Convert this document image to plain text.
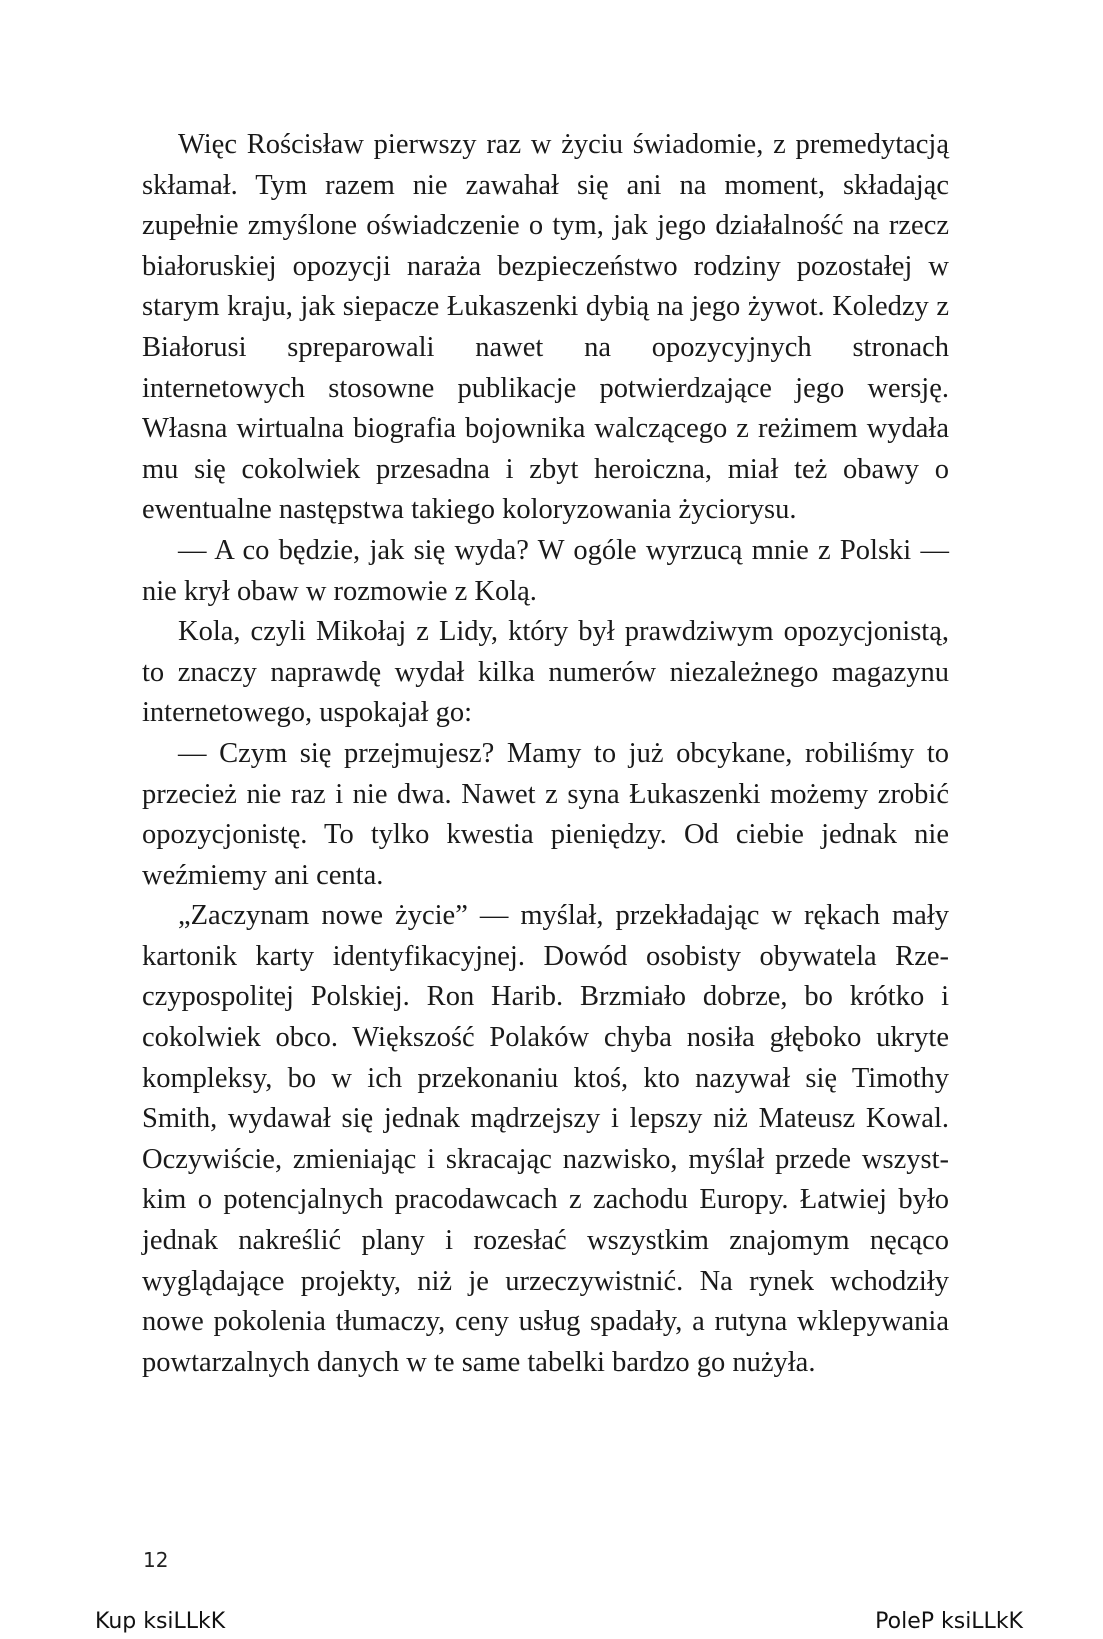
Więc Rościsław pierwszy raz w życiu świadomie, z premedytacją skłamał. Tym razem nie zawahał się ani na moment, składając zupełnie zmyślone oświadczenie o tym, jak jego działalność na rzecz białoruskiej opozycji naraża bezpieczeństwo rodziny pozostałej w starym kraju, jak siepacze Łukaszenki dybią na jego żywot. Koledzy z Białorusi spreparowali nawet na opozycyjnych stronach internetowych stosowne publikacje potwierdzające jego wersję. Własna wirtualna biografia bojownika walczącego z reżimem wydała mu się cokolwiek przesadna i zbyt heroiczna, miał też obawy o ewentualne następstwa takiego koloryzowania życiorysu.

— A co będzie, jak się wyda? W ogóle wyrzucą mnie z Polski — nie krył obaw w rozmowie z Kolą.

Kola, czyli Mikołaj z Lidy, który był prawdziwym opozycjonistą, to znaczy naprawdę wydał kilka numerów niezależnego magazynu internetowego, uspokajał go:

— Czym się przejmujesz? Mamy to już obcykane, robiliśmy to przecież nie raz i nie dwa. Nawet z syna Łukaszenki możemy zrobić opozycjonistę. To tylko kwestia pieniędzy. Od ciebie jednak nie weźmiemy ani centa.

„Zaczynam nowe życie” — myślał, przekładając w rękach mały kartonik karty identyfikacyjnej. Dowód osobisty obywatela Rzeczypospolitej Polskiej. Ron Harib. Brzmiało dobrze, bo krótko i cokolwiek obco. Większość Polaków chyba nosiła głęboko ukryte kompleksy, bo w ich przekonaniu ktoś, kto nazywał się Timothy Smith, wydawał się jednak mądrzejszy i lepszy niż Mateusz Kowal. Oczywiście, zmieniając i skracając nazwisko, myślał przede wszystkim o potencjalnych pracodawcach z zachodu Europy. Łatwiej było jednak nakreślić plany i rozesłać wszystkim znajomym nęcąco wyglądające projekty, niż je urzeczywistnić. Na rynek wchodziły nowe pokolenia tłumaczy, ceny usług spadały, a rutyna wklepywania powtarzalnych danych w te same tabelki bardzo go nużyła.

12
Kup ksiLLkK	PoleP ksiLLkK
